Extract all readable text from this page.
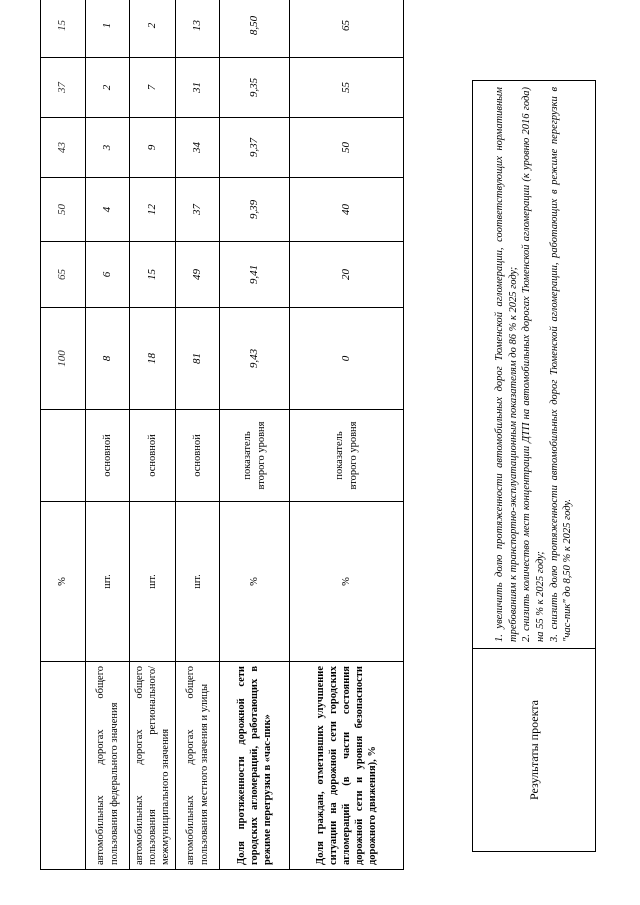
	%		100	65	50	43	37	15
автомобильных дорогах общего пользования федерального значения	шт.	основной	8	6	4	3	2	1
автомобильных дорогах общего пользования регионального/ межмуниципального значения	шт.	основной	18	15	12	9	7	2
автомобильных дорогах общего пользования местного значения и улицы	шт.	основной	81	49	37	34	31	13
Доля протяженности дорожной сети городских агломераций, работающих в режиме перегрузки в «час-пик»	%	показатель второго уровня	9,43	9,41	9,39	9,37	9,35	8,50
Доля граждан, отметивших улучшение ситуации на дорожной сети городских агломераций (в части состояния дорожной сети и уровня безопасности дорожного движения), %	%	показатель второго уровня	0	20	40	50	55	65
Результаты проекта	
1. увеличить долю протяженности автомобильных дорог Тюменской агломерации, соответствующих нормативным требованиям к транспортно-эксплуатационным показателям до 86 % к 2025 году; 2. снизить количество мест концентрации ДТП на автомобильных дорогах Тюменской агломерации (к уровню 2016 года) на 55 % к 2025 году; 3. снизить долю протяженности автомобильных дорог Тюменской агломерации, работающих в режиме перегрузки в "час-пик" до 8,50 % к 2025 году.
